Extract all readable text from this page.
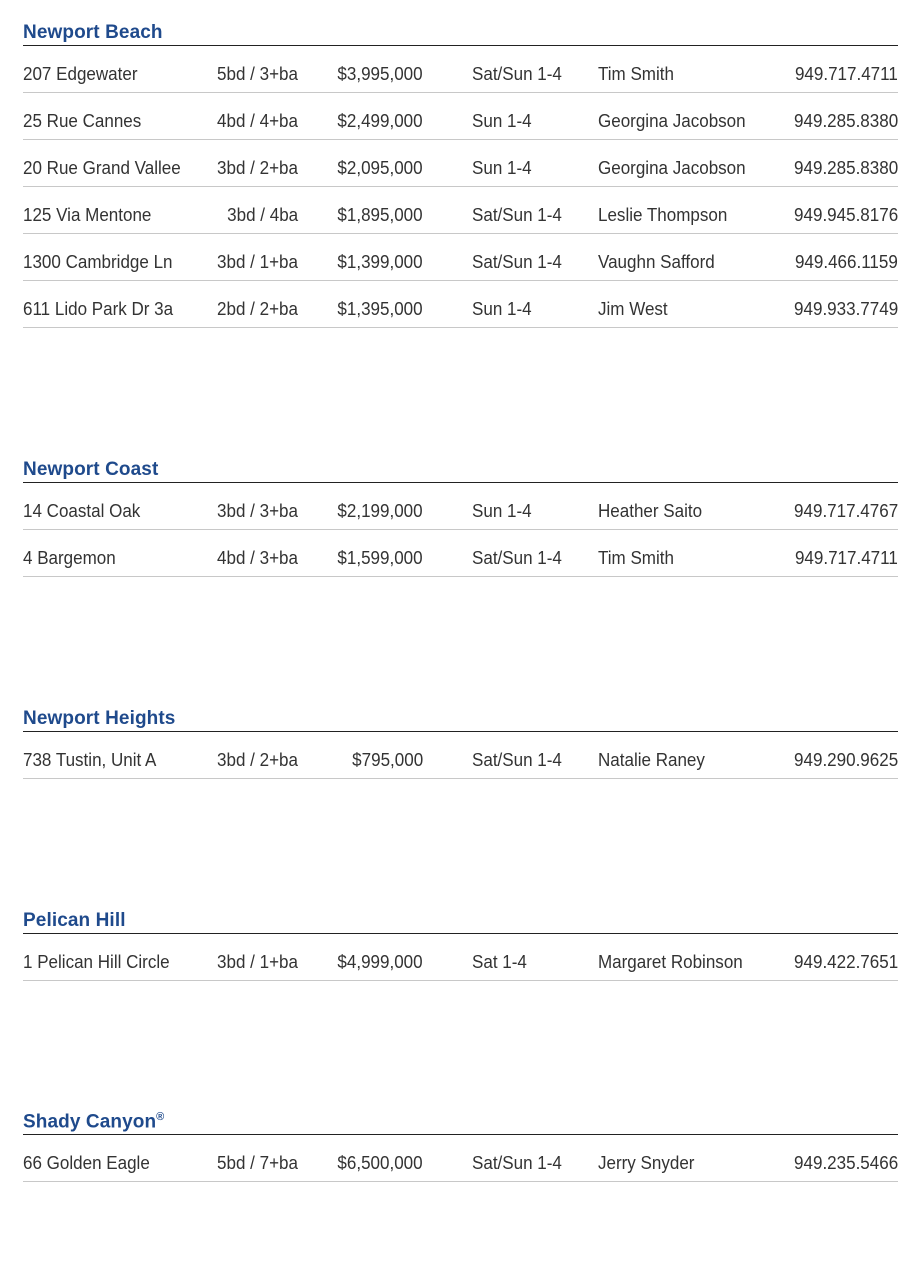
Newport Beach
207 Edgewater	5bd / 3+ba $3,995,000	Sat/Sun 1-4 Tim Smith	949.717.4711
25 Rue Cannes	4bd / 4+ba $2,499,000	Sun 1-4	Georgina Jacobson	949.285.8380
20 Rue Grand Vallee 3bd / 2+ba $2,095,000	Sun 1-4	Georgina Jacobson	949.285.8380
125 Via Mentone	3bd / 4ba $1,895,000	Sat/Sun 1-4 Leslie Thompson	949.945.8176
1300 Cambridge Ln 3bd / 1+ba $1,399,000	Sat/Sun 1-4 Vaughn Safford	949.466.1159
611 Lido Park Dr 3a 2bd / 2+ba $1,395,000	Sun 1-4	Jim West	949.933.7749
Newport Coast
14 Coastal Oak	3bd / 3+ba $2,199,000	Sun 1-4	Heather Saito	949.717.4767
4 Bargemon	4bd / 3+ba $1,599,000	Sat/Sun 1-4 Tim Smith	949.717.4711
Newport Heights
738 Tustin, Unit A	3bd / 2+ba	$795,000	Sat/Sun 1-4 Natalie Raney	949.290.9625
Pelican Hill
1 Pelican Hill Circle	3bd / 1+ba $4,999,000	Sat 1-4	Margaret Robinson	949.422.7651
Shady Canyon®
66 Golden Eagle	5bd / 7+ba $6,500,000	Sat/Sun 1-4 Jerry Snyder	949.235.5466
